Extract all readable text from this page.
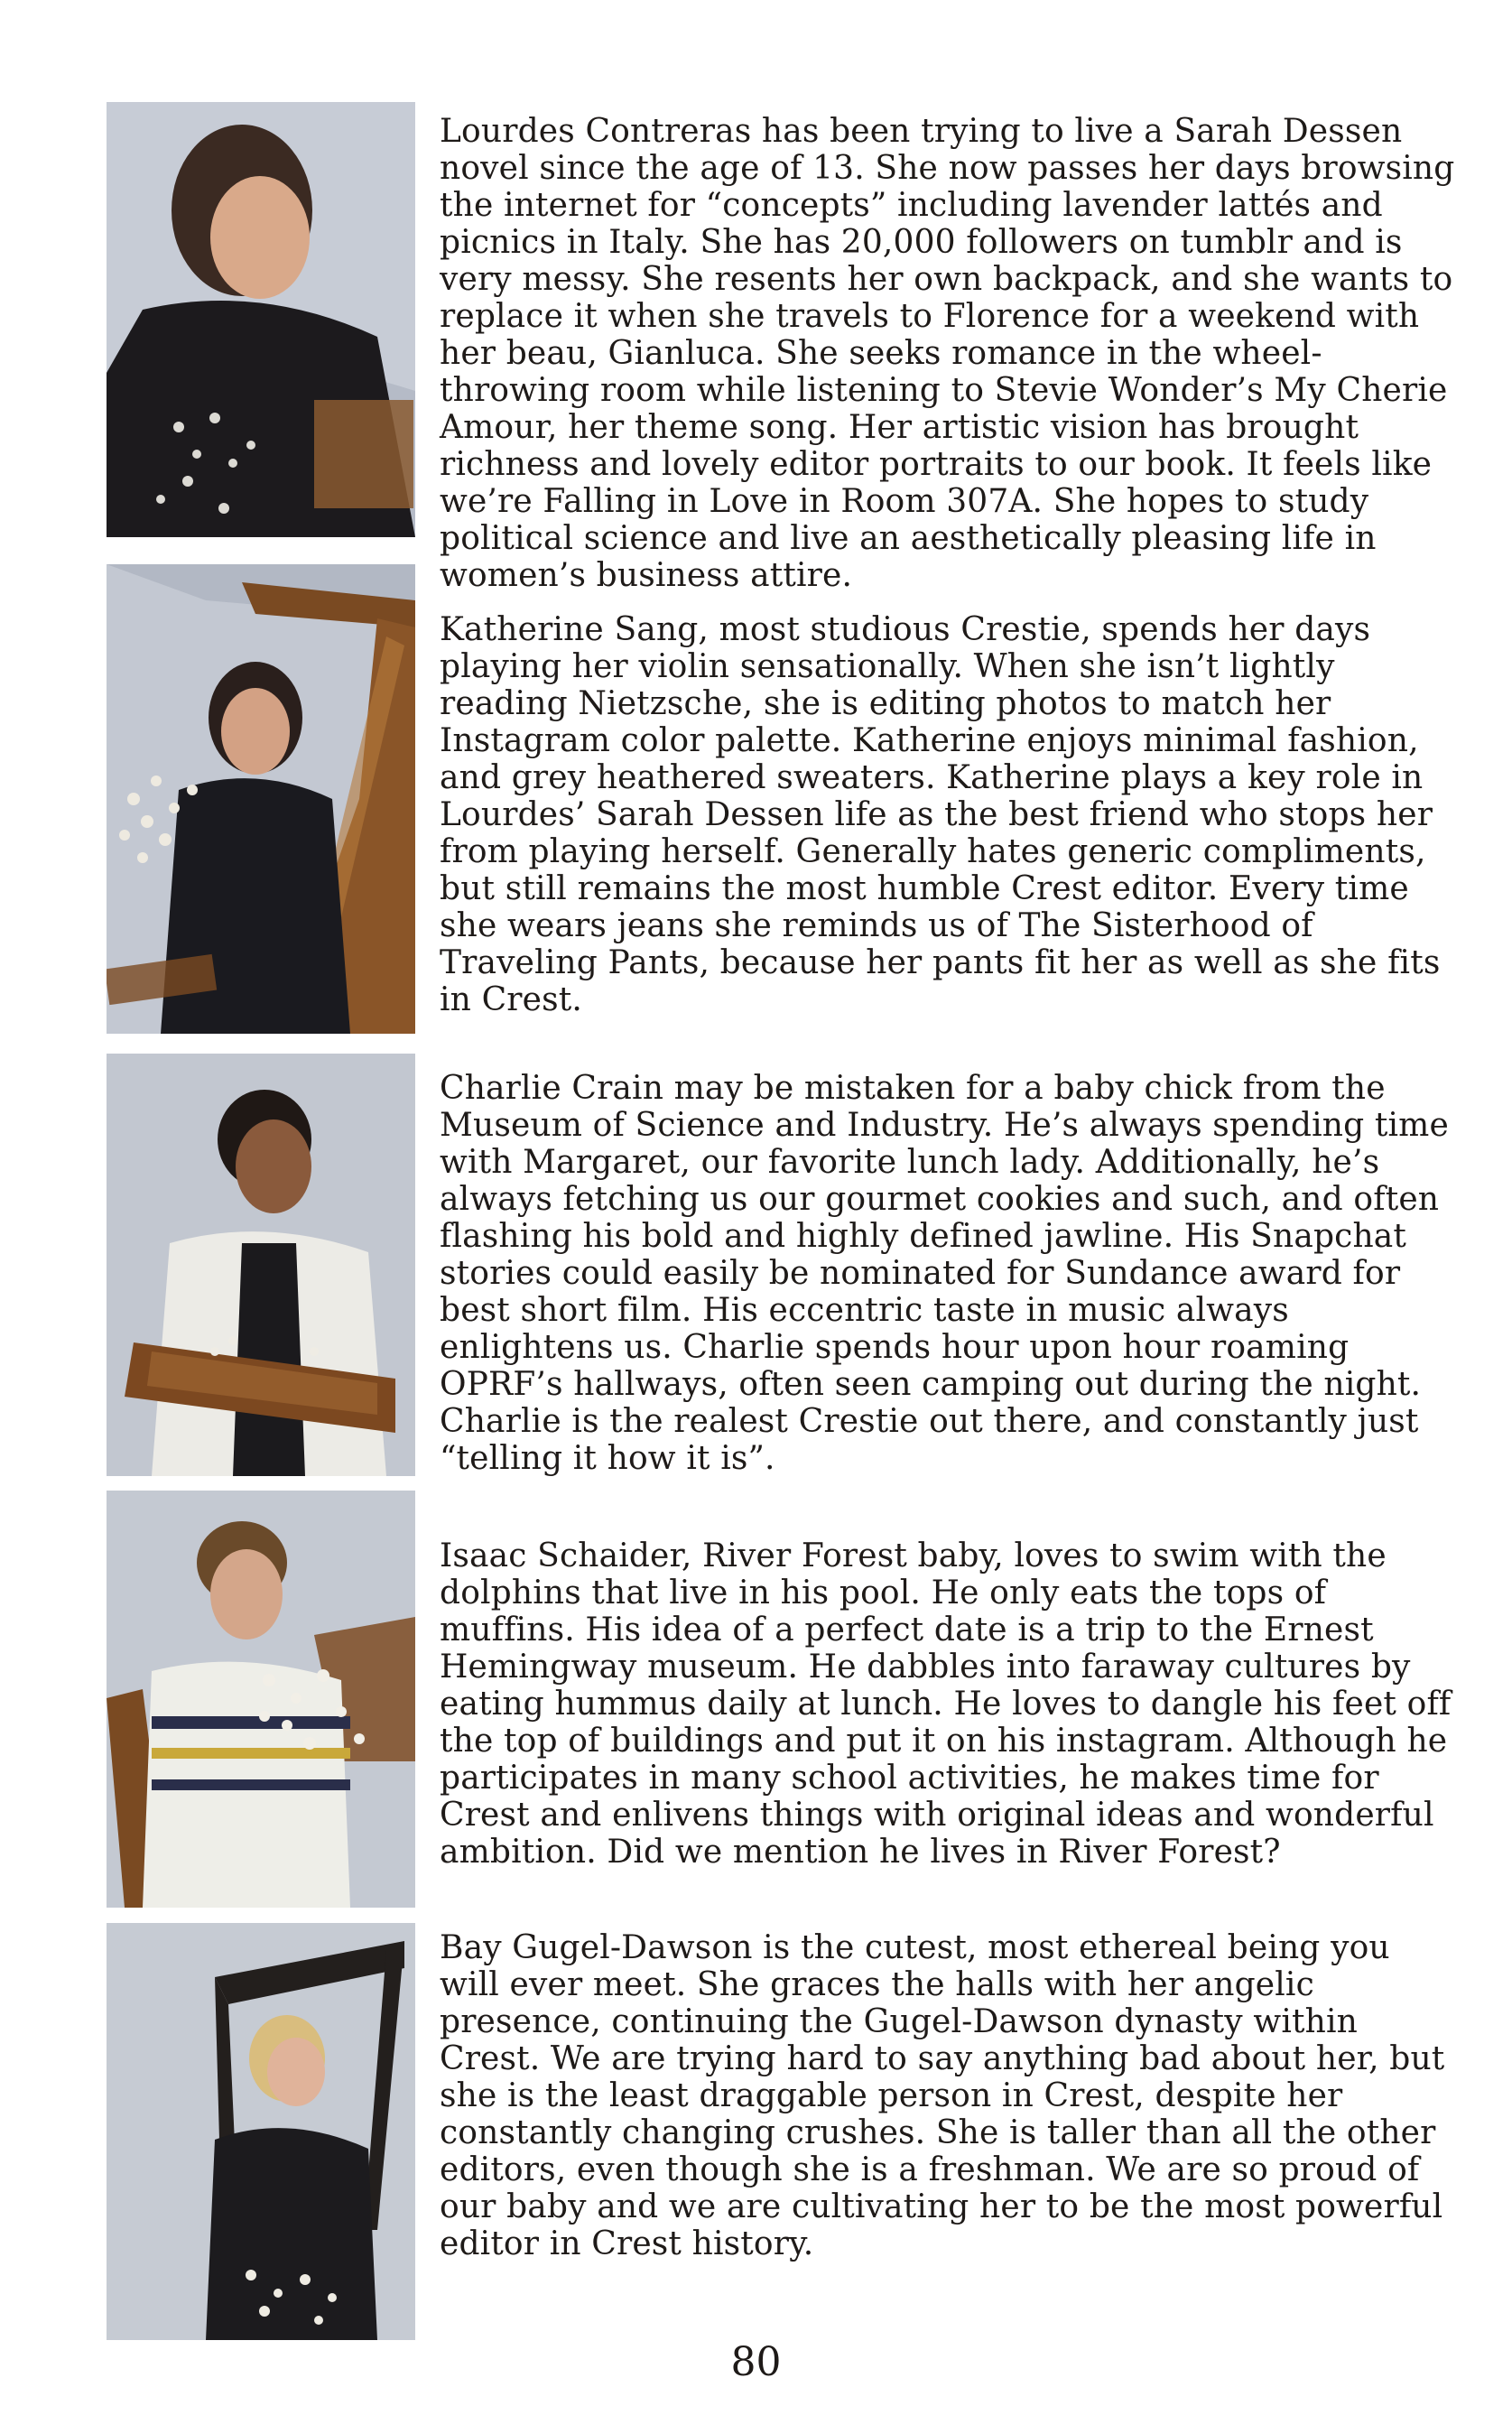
Lourdes Contreras has been trying to live a Sarah Dessen novel since the age of 13. She now passes her days browsing the internet for “concepts” including lavender lattés and picnics in Italy. She has 20,000 followers on tumblr and is very messy. She resents her own backpack, and she wants to replace it when she travels to Florence for a weekend with her beau, Gianluca. She seeks romance in the wheel-throwing room while listening to Stevie Wonder’s My Cherie Amour, her theme song. Her artistic vision has brought richness and lovely editor portraits to our book. It feels like we’re Falling in Love in Room 307A. She hopes to study political science and live an aesthetically pleasing life in women’s business attire.

Katherine Sang, most studious Crestie, spends her days playing her violin sensationally. When she isn’t lightly reading Nietzsche, she is editing photos to match her Instagram color palette. Katherine enjoys minimal fashion, and grey heathered sweaters. Katherine plays a key role in Lourdes’ Sarah Dessen life as the best friend who stops her from playing herself. Generally hates generic compliments, but still remains the most humble Crest editor. Every time she wears jeans she reminds us of The Sisterhood of Traveling Pants, because her pants fit her as well as she fits in Crest.

Charlie Crain may be mistaken for a baby chick from the Museum of Science and Industry. He’s always spending time with Margaret, our favorite lunch lady. Additionally, he’s always fetching us our gourmet cookies and such, and often flashing his bold and highly defined jawline. His Snapchat stories could easily be nominated for Sundance award for best short film. His eccentric taste in music always enlightens us. Charlie spends hour upon hour roaming OPRF’s hallways, often seen camping out during the night. Charlie is the realest Crestie out there, and constantly just “telling it how it is”.

Isaac Schaider, River Forest baby, loves to swim with the dolphins that live in his pool. He only eats the tops of muffins. His idea of a perfect date is a trip to the Ernest Hemingway museum. He dabbles into faraway cultures by eating hummus daily at lunch. He loves to dangle his feet off the top of buildings and put it on his instagram. Although he participates in many school activities, he makes time for Crest and enlivens things with original ideas and wonderful ambition. Did we mention he lives in River Forest?

Bay Gugel-Dawson is the cutest, most ethereal being you will ever meet. She graces the halls with her angelic presence, continuing the Gugel-Dawson dynasty within Crest. We are trying hard to say anything bad about her, but she is the least draggable person in Crest, despite her constantly changing crushes. She is taller than all the other editors, even though she is a freshman. We are so proud of our baby and we are cultivating her to be the most powerful editor in Crest history.

80
